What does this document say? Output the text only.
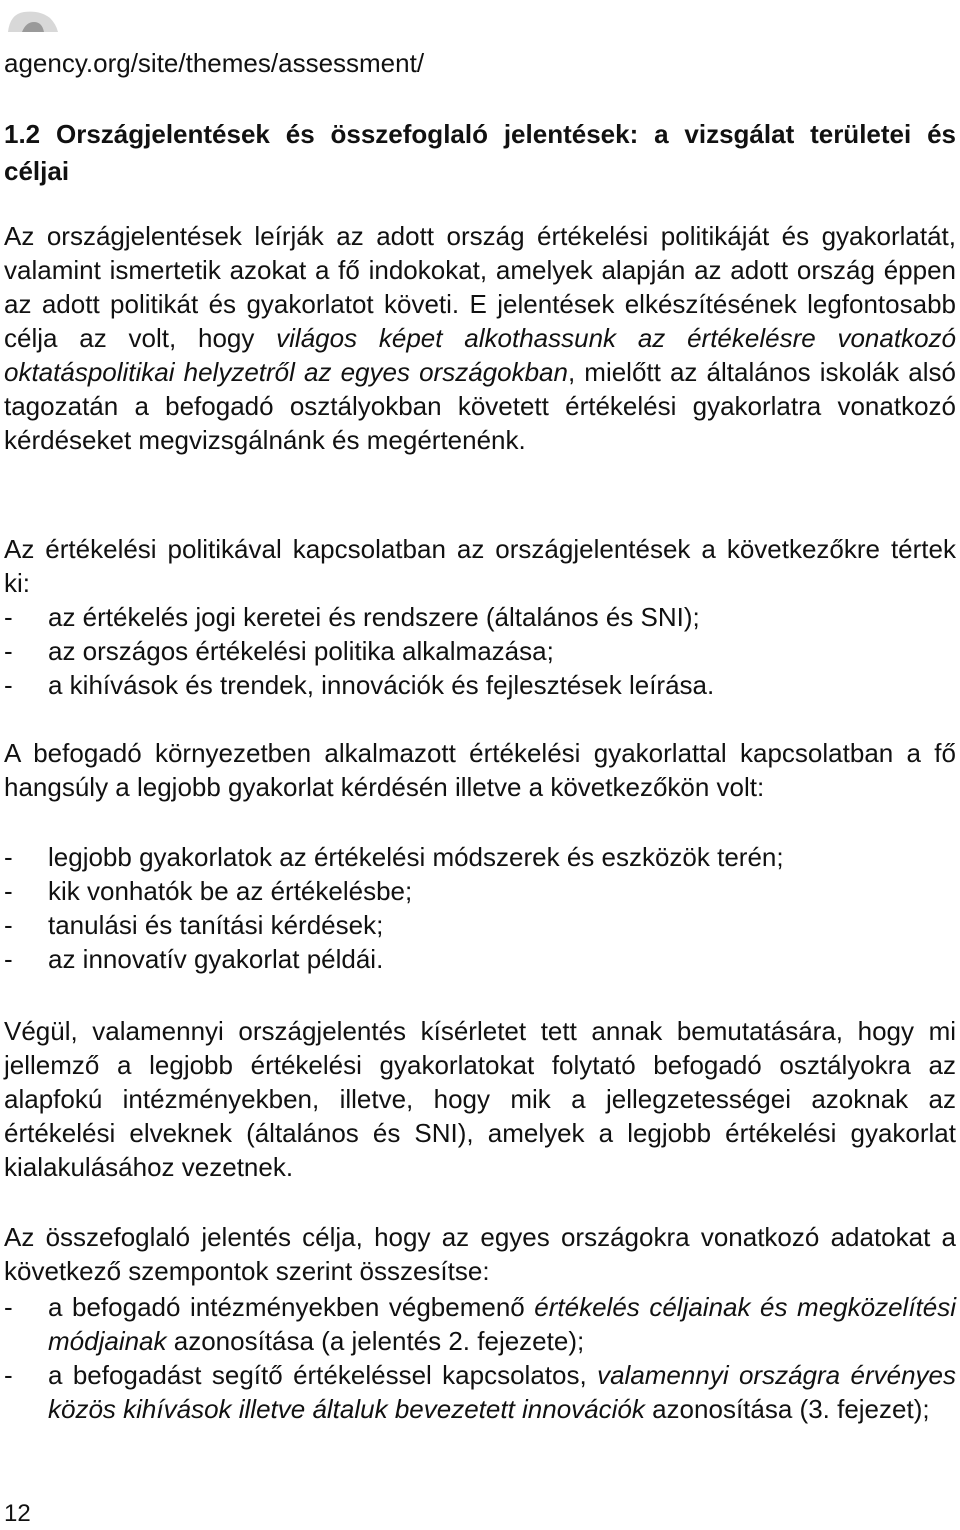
agency.org/site/themes/assessment/
1.2 Országjelentések és összefoglaló jelentések: a vizsgálat területei és céljai

Az országjelentések leírják az adott ország értékelési politikáját és gyakorlatát, valamint ismertetik azokat a fő indokokat, amelyek alapján az adott ország éppen az adott politikát és gyakorlatot követi. E jelentések elkészítésének legfontosabb célja az volt, hogy világos képet alkothassunk az értékelésre vonatkozó oktatáspolitikai helyzetről az egyes országokban, mielőtt az általános iskolák alsó tagozatán a befogadó osztályokban követett értékelési gyakorlatra vonatkozó kérdéseket megvizsgálnánk és megértenénk.

Az értékelési politikával kapcsolatban az országjelentések a következőkre tértek ki:

-	az értékelés jogi keretei és rendszere (általános és SNI);
-	az országos értékelési politika alkalmazása;
-	a kihívások és trendek, innovációk és fejlesztések leírása.

A befogadó környezetben alkalmazott értékelési gyakorlattal kapcsolatban a fő hangsúly a legjobb gyakorlat kérdésén illetve a következőkön volt:

-	legjobb gyakorlatok az értékelési módszerek és eszközök terén;
-	kik vonhatók be az értékelésbe;
-	tanulási és tanítási kérdések;
-	az innovatív gyakorlat példái.

Végül, valamennyi országjelentés kísérletet tett annak bemutatására, hogy mi jellemző a legjobb értékelési gyakorlatokat folytató befogadó osztályokra az alapfokú intézményekben, illetve, hogy mik a jellegzetességei azoknak az értékelési elveknek (általános és SNI), amelyek a legjobb értékelési gyakorlat kialakulásához vezetnek.

Az összefoglaló jelentés célja, hogy az egyes országokra vonatkozó adatokat a következő szempontok szerint összesítse:

-	a befogadó intézményekben végbemenő értékelés céljainak és megközelítési módjainak azonosítása (a jelentés 2. fejezete);
-	a befogadást segítő értékeléssel kapcsolatos, valamennyi országra érvényes közös kihívások illetve általuk bevezetett innovációk azonosítása (3. fejezet);
12
